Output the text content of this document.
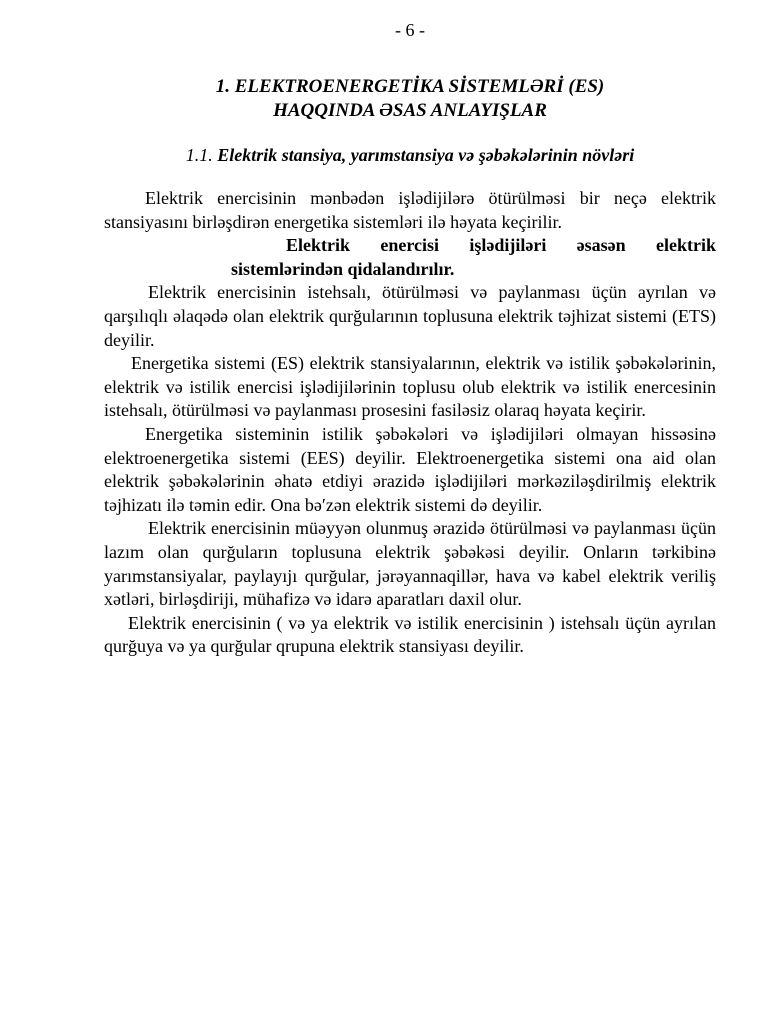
- 6 -
1. ELEKTROENERGETİKA SİSTEMLƏRİ (ES)
HAQQINDA ƏSAS ANLAYIŞLAR
1.1. Elektrik stansiya, yarımstansiya və şəbəkələrinin növləri

Elektrik enercisinin mənbədən işlədijilərə ötürülməsi bir neçə elektrik stansiyasını birləşdirən energetika sistemləri ilə həyata keçirilir.

Elektrik enercisi işlədijiləri əsasən elektrik sistemlərindən qidalandırılır.

Elektrik enercisinin istehsalı, ötürülməsi və paylanması üçün ayrılan və qarşılıqlı əlaqədə olan elektrik qurğularının toplusuna elektrik təjhizat sistemi (ETS) deyilir.

Energetika sistemi (ES) elektrik stansiyalarının, elektrik və istilik şəbəkələrinin, elektrik və istilik enercisi işlədijilərinin toplusu olub elektrik və istilik enercesinin istehsalı, ötürülməsi və paylanması prosesini fasiləsiz olaraq həyata keçirir.

Energetika sisteminin istilik şəbəkələri və işlədijiləri olmayan hissəsinə elektroenergetika sistemi (EES) deyilir. Elektroenergetika sistemi ona aid olan elektrik şəbəkələrinin əhatə etdiyi ərazidə işlədijiləri mərkəziləşdirilmiş elektrik təjhizatı ilə təmin edir. Ona bə′zən elektrik sistemi də deyilir.

Elektrik enercisinin müəyyən olunmuş ərazidə ötürülməsi və paylanması üçün lazım olan qurğuların toplusuna elektrik şəbəkəsi deyilir. Onların tərkibinə yarımstansiyalar, paylayıjı qurğular, jərəyannaqillər, hava və kabel elektrik veriliş xətləri, birləşdiriji, mühafizə və idarə aparatları daxil olur.

Elektrik enercisinin ( və ya elektrik və istilik enercisinin ) istehsalı üçün ayrılan qurğuya və ya qurğular qrupuna elektrik stansiyası deyilir.
